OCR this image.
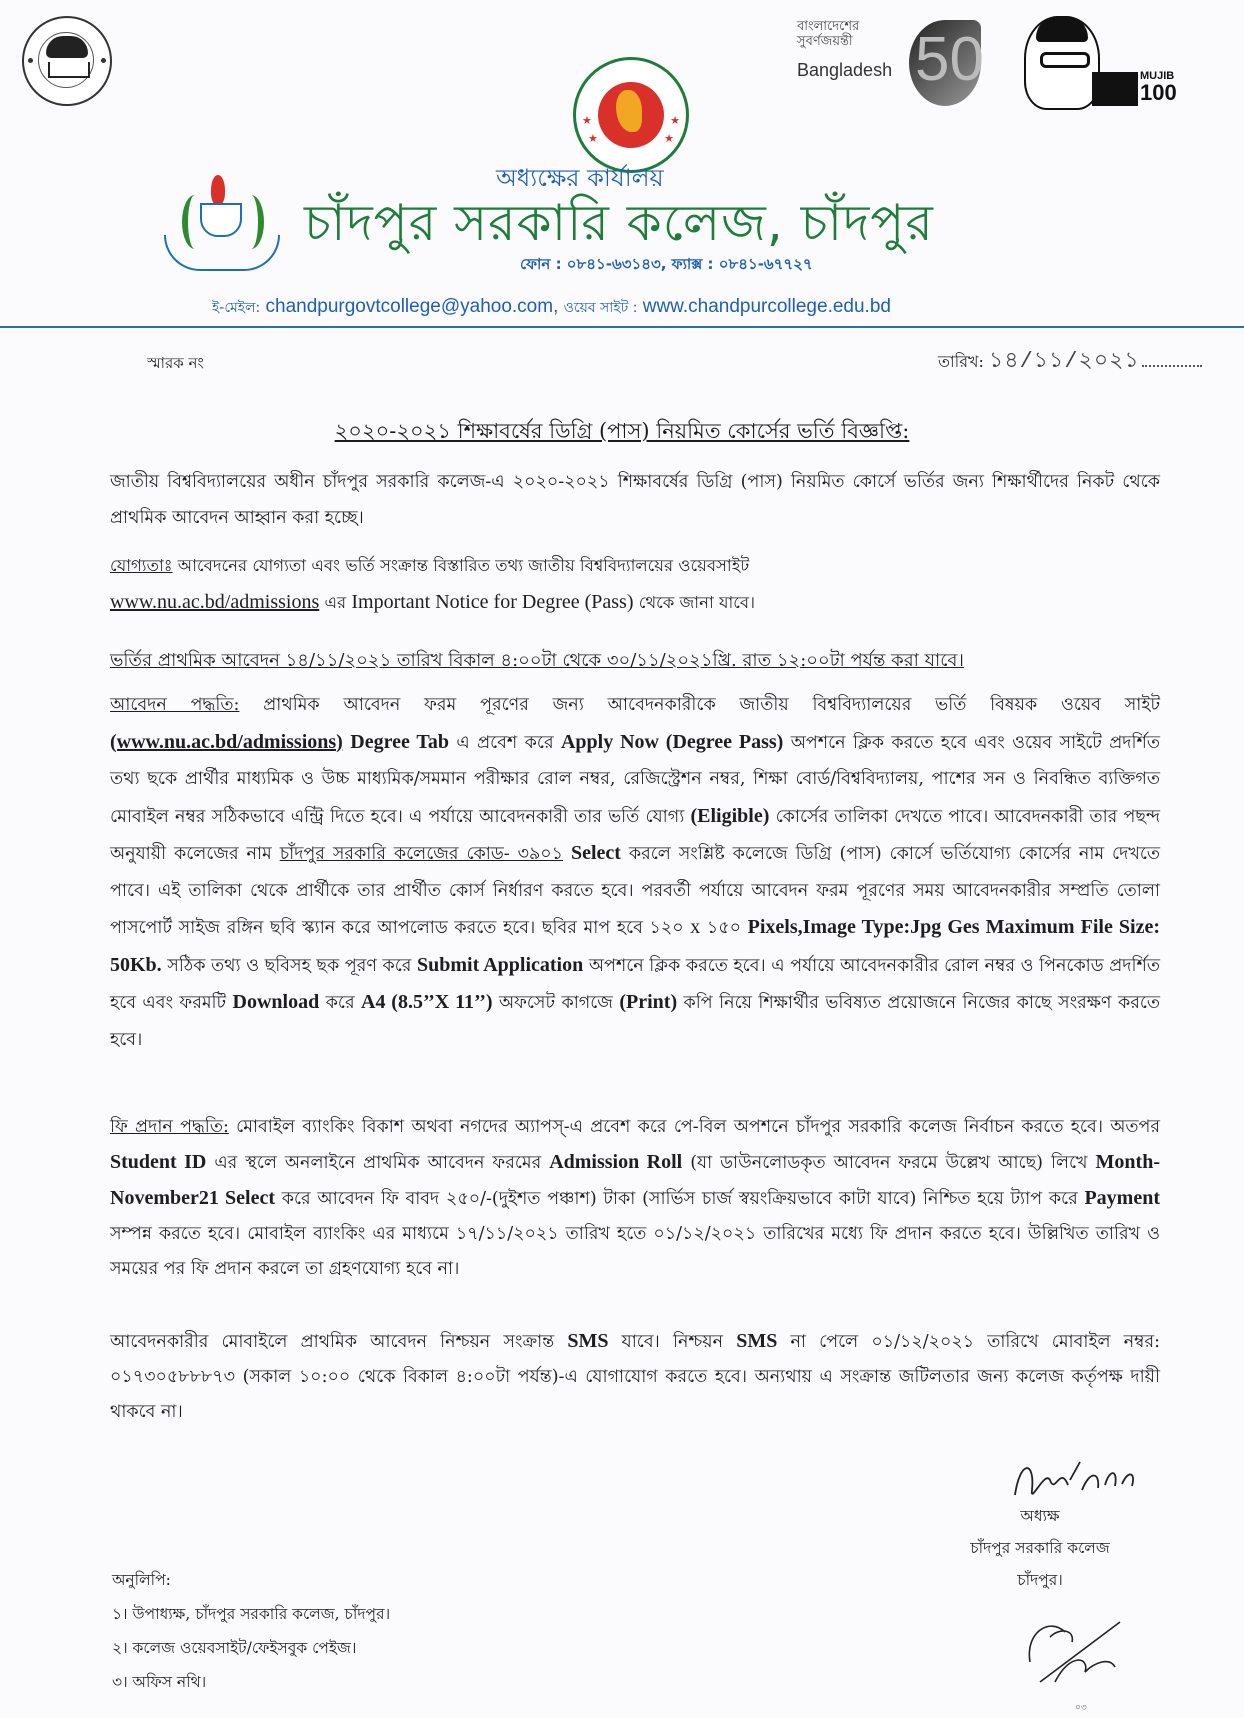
★	★
★	★
বাংলাদেশের
সুবর্ণজয়ন্তী
Bangladesh 50	MUJIB
100
অধ্যক্ষের কার্যালয়
চাঁদপুর সরকারি কলেজ, চাঁদপুর
ফোন : ০৮৪১-৬৩১৪৩, ফ্যাক্স : ০৮৪১-৬৭৭২৭
ই-মেইল: chandpurgovtcollege@yahoo.com, ওয়েব সাইট : www.chandpurcollege.edu.bd
স্মারক নং	তারিখ: ১৪/১১/২০২১
২০২০-২০২১ শিক্ষাবর্ষের ডিগ্রি (পাস) নিয়মিত কোর্সের ভর্তি বিজ্ঞপ্তি:
জাতীয় বিশ্ববিদ্যালয়ের অধীন চাঁদপুর সরকারি কলেজ-এ ২০২০-২০২১ শিক্ষাবর্ষের ডিগ্রি (পাস) নিয়মিত কোর্সে ভর্তির জন্য শিক্ষার্থীদের নিকট থেকে প্রাথমিক আবেদন আহ্বান করা হচ্ছে।
যোগ্যতাঃ আবেদনের যোগ্যতা এবং ভর্তি সংক্রান্ত বিস্তারিত তথ্য জাতীয় বিশ্ববিদ্যালয়ের ওয়েবসাইট
www.nu.ac.bd/admissions এর Important Notice for Degree (Pass) থেকে জানা যাবে।
ভর্তির প্রাথমিক আবেদন ১৪/১১/২০২১ তারিখ বিকাল ৪:০০টা থেকে ৩০/১১/২০২১খ্রি. রাত ১২:০০টা পর্যন্ত করা যাবে।
আবেদন পদ্ধতি: প্রাথমিক আবেদন ফরম পূরণের জন্য আবেদনকারীকে জাতীয় বিশ্ববিদ্যালয়ের ভর্তি বিষয়ক ওয়েব সাইট (www.nu.ac.bd/admissions) Degree Tab এ প্রবেশ করে Apply Now (Degree Pass) অপশনে ক্লিক করতে হবে এবং ওয়েব সাইটে প্রদর্শিত তথ্য ছকে প্রার্থীর মাধ্যমিক ও উচ্চ মাধ্যমিক/সমমান পরীক্ষার রোল নম্বর, রেজিস্ট্রেশন নম্বর, শিক্ষা বোর্ড/বিশ্ববিদ্যালয়, পাশের সন ও নিবন্ধিত ব্যক্তিগত মোবাইল নম্বর সঠিকভাবে এন্ট্রি দিতে হবে। এ পর্যায়ে আবেদনকারী তার ভর্তি যোগ্য (Eligible) কোর্সের তালিকা দেখতে পাবে। আবেদনকারী তার পছন্দ অনুযায়ী কলেজের নাম চাঁদপুর সরকারি কলেজের কোড- ৩৯০১ Select করলে সংশ্লিষ্ট কলেজে ডিগ্রি (পাস) কোর্সে ভর্তিযোগ্য কোর্সের নাম দেখতে পাবে। এই তালিকা থেকে প্রার্থীকে তার প্রার্থীত কোর্স নির্ধারণ করতে হবে। পরবর্তী পর্যায়ে আবেদন ফরম পূরণের সময় আবেদনকারীর সম্প্রতি তোলা পাসপোর্ট সাইজ রঙ্গিন ছবি স্ক্যান করে আপলোড করতে হবে। ছবির মাপ হবে ১২০ x ১৫০ Pixels,Image Type:Jpg Ges Maximum File Size: 50Kb. সঠিক তথ্য ও ছবিসহ ছক পূরণ করে Submit Application অপশনে ক্লিক করতে হবে। এ পর্যায়ে আবেদনকারীর রোল নম্বর ও পিনকোড প্রদর্শিত হবে এবং ফরমটি Download করে A4 (8.5’’X 11’’) অফসেট কাগজে (Print) কপি নিয়ে শিক্ষার্থীর ভবিষ্যত প্রয়োজনে নিজের কাছে সংরক্ষণ করতে হবে।
ফি প্রদান পদ্ধতি: মোবাইল ব্যাংকিং বিকাশ অথবা নগদের অ্যাপস্-এ প্রবেশ করে পে-বিল অপশনে চাঁদপুর সরকারি কলেজ নির্বাচন করতে হবে। অতপর Student ID এর স্থলে অনলাইনে প্রাথমিক আবেদন ফরমের Admission Roll (যা ডাউনলোডকৃত আবেদন ফরমে উল্লেখ আছে) লিখে Month-November21 Select করে আবেদন ফি বাবদ ২৫০/-(দুইশত পঞ্চাশ) টাকা (সার্ভিস চার্জ স্বয়ংক্রিয়ভাবে কাটা যাবে) নিশ্চিত হয়ে ট্যাপ করে Payment সম্পন্ন করতে হবে। মোবাইল ব্যাংকিং এর মাধ্যমে ১৭/১১/২০২১ তারিখ হতে ০১/১২/২০২১ তারিখের মধ্যে ফি প্রদান করতে হবে। উল্লিখিত তারিখ ও সময়ের পর ফি প্রদান করলে তা গ্রহণযোগ্য হবে না।
আবেদনকারীর মোবাইলে প্রাথমিক আবেদন নিশ্চয়ন সংক্রান্ত SMS যাবে। নিশ্চয়ন SMS না পেলে ০১/১২/২০২১ তারিখে মোবাইল নম্বর: ০১৭৩০৫৮৮৮৭৩ (সকাল ১০:০০ থেকে বিকাল ৪:০০টা পর্যন্ত)-এ যোগাযোগ করতে হবে। অন্যথায় এ সংক্রান্ত জটিলতার জন্য কলেজ কর্তৃপক্ষ দায়ী থাকবে না।
অধ্যক্ষ
চাঁদপুর সরকারি কলেজ
চাঁদপুর।
অনুলিপি:
১। উপাধ্যক্ষ, চাঁদপুর সরকারি কলেজ, চাঁদপুর।
২। কলেজ ওয়েবসাইট/ফেইসবুক পেইজ।
৩। অফিস নথি।
০৩
